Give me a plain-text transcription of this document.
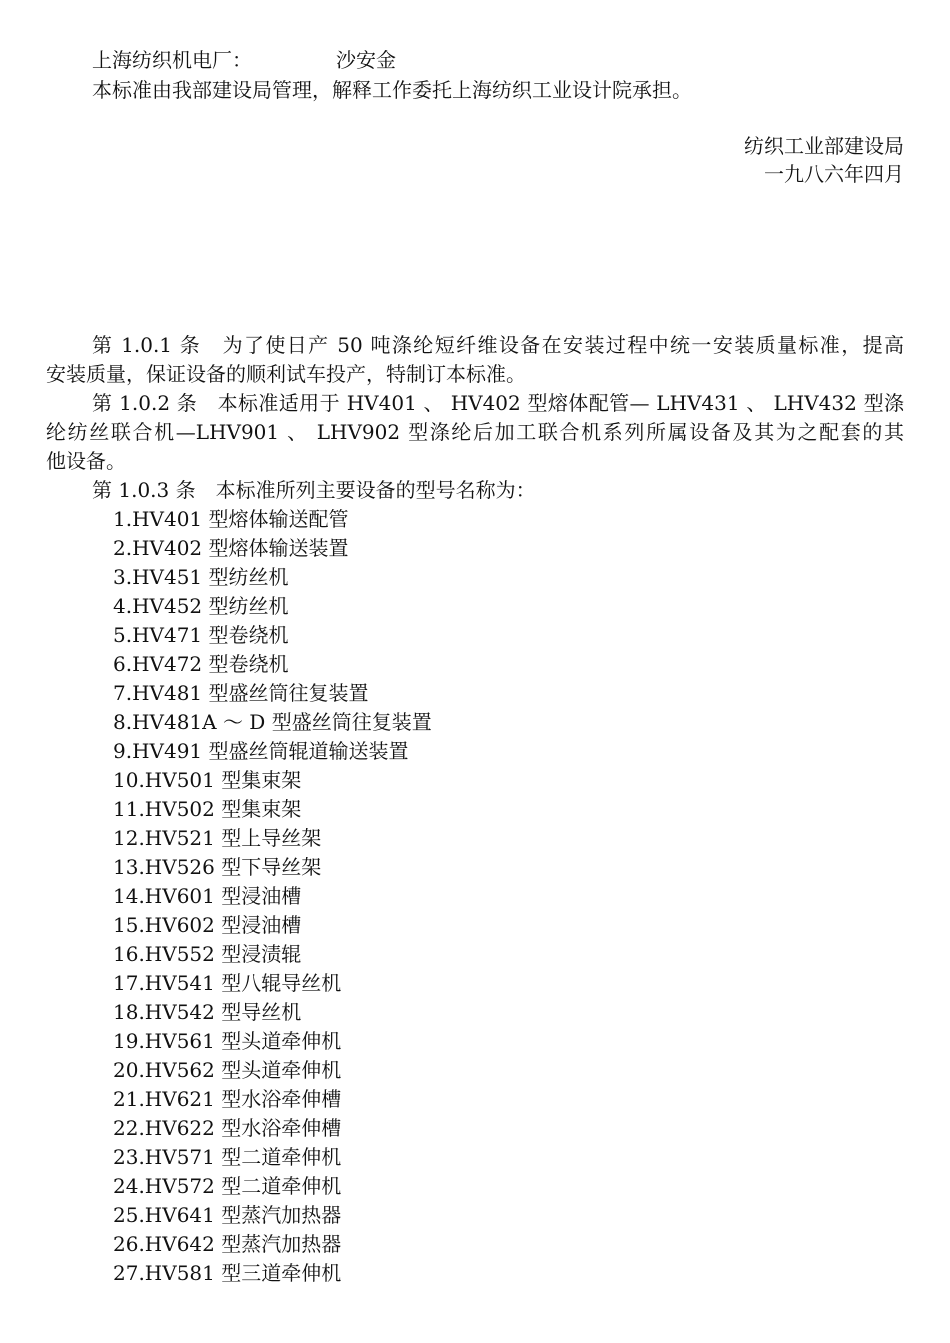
上海纺织机电厂：	沙安金
本标准由我部建设局管理，解释工作委托上海纺织工业设计院承担。
纺织工业部建设局
一九八六年四月
第 1.0.1 条　为了使日产 50 吨涤纶短纤维设备在安装过程中统一安装质量标准，提高
安装质量，保证设备的顺利试车投产，特制订本标准。
第 1.0.2 条　本标准适用于 HV401 、 HV402 型熔体配管— LHV431 、 LHV432 型涤
纶纺丝联合机—LHV901 、 LHV902 型涤纶后加工联合机系列所属设备及其为之配套的其
他设备。
第 1.0.3 条　本标准所列主要设备的型号名称为：
1.HV401 型熔体输送配管
2.HV402 型熔体输送装置
3.HV451 型纺丝机
4.HV452 型纺丝机
5.HV471 型卷绕机
6.HV472 型卷绕机
7.HV481 型盛丝筒往复装置
8.HV481A ～ D 型盛丝筒往复装置
9.HV491 型盛丝筒辊道输送装置
10.HV501 型集束架
11.HV502 型集束架
12.HV521 型上导丝架
13.HV526 型下导丝架
14.HV601 型浸油槽
15.HV602 型浸油槽
16.HV552 型浸渍辊
17.HV541 型八辊导丝机
18.HV542 型导丝机
19.HV561 型头道牵伸机
20.HV562 型头道牵伸机
21.HV621 型水浴牵伸槽
22.HV622 型水浴牵伸槽
23.HV571 型二道牵伸机
24.HV572 型二道牵伸机
25.HV641 型蒸汽加热器
26.HV642 型蒸汽加热器
27.HV581 型三道牵伸机
